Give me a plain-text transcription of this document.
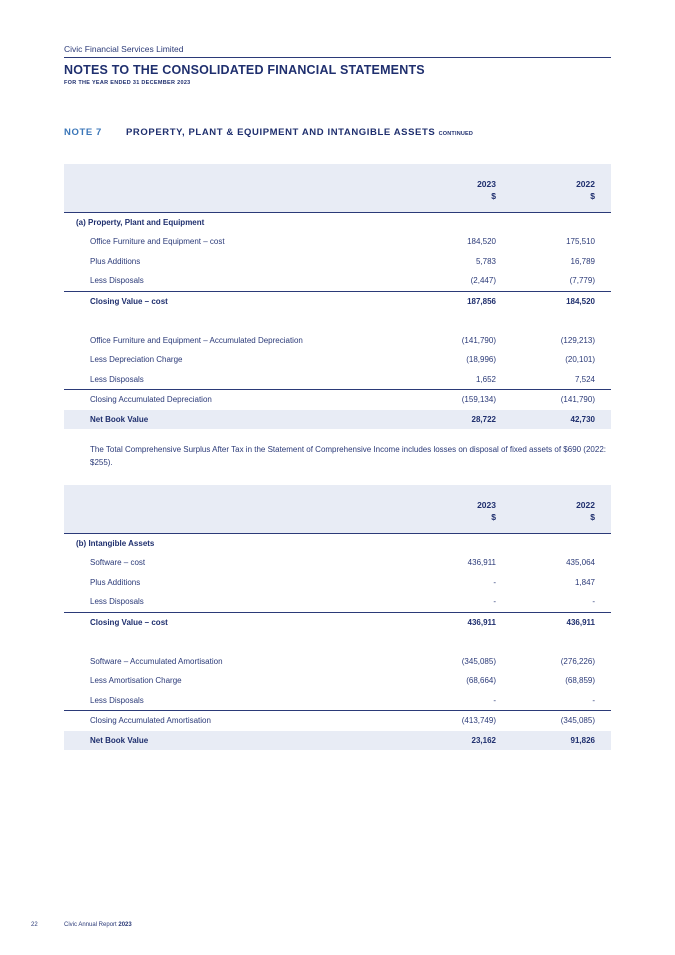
Civic Financial Services Limited
NOTES TO THE CONSOLIDATED FINANCIAL STATEMENTS
FOR THE YEAR ENDED 31 DECEMBER 2023
NOTE 7	PROPERTY, PLANT & EQUIPMENT AND INTANGIBLE ASSETS CONTINUED
2023
$
2022
$
(a) Property, Plant and Equipment
Office Furniture and Equipment – cost	184,520	175,510
Plus Additions	5,783	16,789
Less Disposals	(2,447)	(7,779)
Closing Value – cost	187,856	184,520
Office Furniture and Equipment – Accumulated Depreciation	(141,790)	(129,213)
Less Depreciation Charge	(18,996)	(20,101)
Less Disposals	1,652	7,524
Closing Accumulated Depreciation	(159,134)	(141,790)
Net Book Value	28,722	42,730
The Total Comprehensive Surplus After Tax in the Statement of Comprehensive Income includes losses on disposal of fixed assets of $690 (2022: $255).
2023
$
2022
$
(b) Intangible Assets
Software – cost	436,911	435,064
Plus Additions	-	1,847
Less Disposals	-	-
Closing Value – cost	436,911	436,911
Software – Accumulated Amortisation	(345,085)	(276,226)
Less Amortisation Charge	(68,664)	(68,859)
Less Disposals	-	-
Closing Accumulated Amortisation	(413,749)	(345,085)
Net Book Value	23,162	91,826
22	Civic Annual Report 2023
